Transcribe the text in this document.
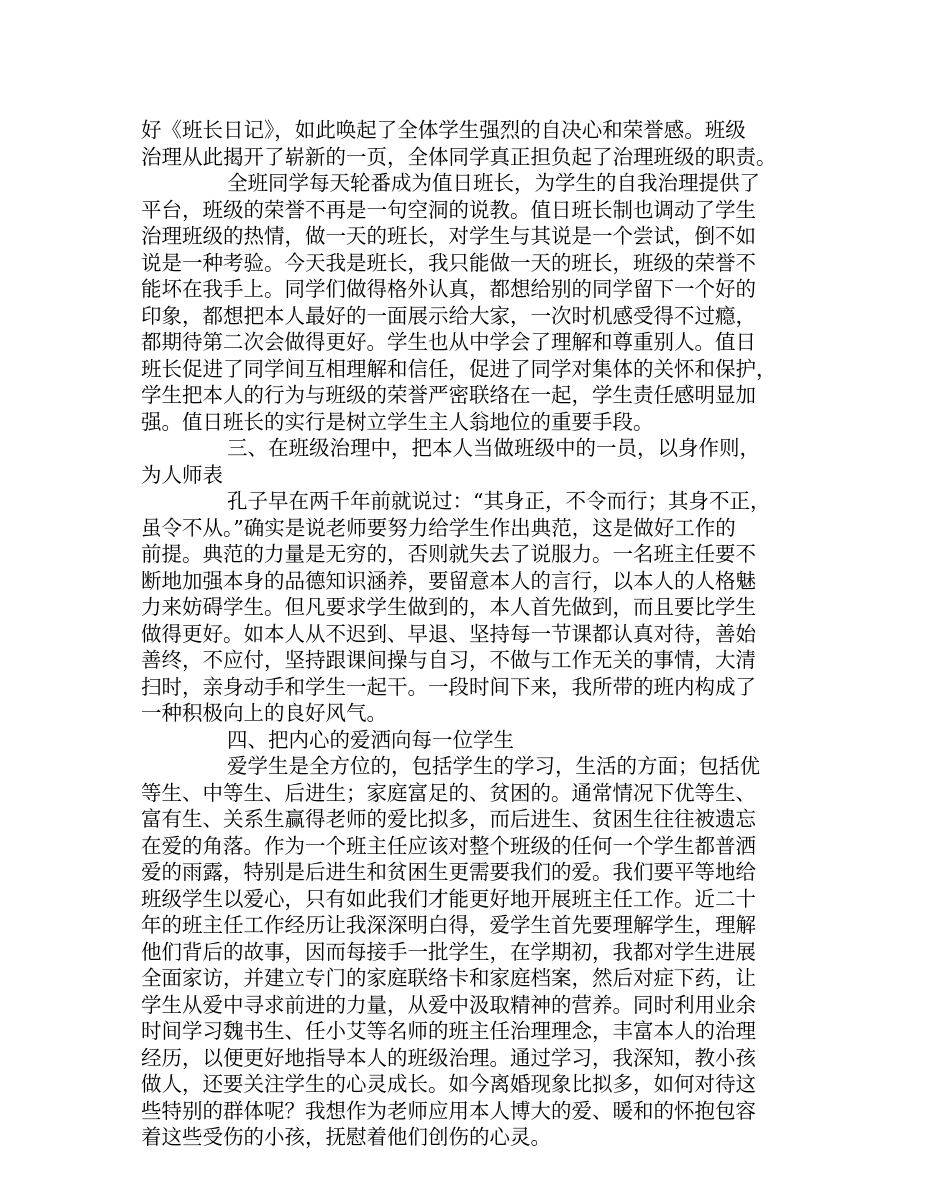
好《班长日记》，如此唤起了全体学生强烈的自决心和荣誉感。班级
治理从此揭开了崭新的一页，全体同学真正担负起了治理班级的职责。
全班同学每天轮番成为值日班长，为学生的自我治理提供了
平台，班级的荣誉不再是一句空洞的说教。值日班长制也调动了学生
治理班级的热情，做一天的班长，对学生与其说是一个尝试，倒不如
说是一种考验。今天我是班长，我只能做一天的班长，班级的荣誉不
能坏在我手上。同学们做得格外认真，都想给别的同学留下一个好的
印象，都想把本人最好的一面展示给大家，一次时机感受得不过瘾，
都期待第二次会做得更好。学生也从中学会了理解和尊重别人。值日
班长促进了同学间互相理解和信任，促进了同学对集体的关怀和保护，
学生把本人的行为与班级的荣誉严密联络在一起，学生责任感明显加
强。值日班长的实行是树立学生主人翁地位的重要手段。
三、在班级治理中，把本人当做班级中的一员，以身作则，
为人师表
孔子早在两千年前就说过：“其身正，不令而行；其身不正，
虽令不从。”确实是说老师要努力给学生作出典范，这是做好工作的
前提。典范的力量是无穷的，否则就失去了说服力。一名班主任要不
断地加强本身的品德知识涵养，要留意本人的言行，以本人的人格魅
力来妨碍学生。但凡要求学生做到的，本人首先做到，而且要比学生
做得更好。如本人从不迟到、早退、坚持每一节课都认真对待，善始
善终，不应付，坚持跟课间操与自习，不做与工作无关的事情，大清
扫时，亲身动手和学生一起干。一段时间下来，我所带的班内构成了
一种积极向上的良好风气。
四、把内心的爱洒向每一位学生
爱学生是全方位的，包括学生的学习，生活的方面；包括优
等生、中等生、后进生；家庭富足的、贫困的。通常情况下优等生、
富有生、关系生赢得老师的爱比拟多，而后进生、贫困生往往被遗忘
在爱的角落。作为一个班主任应该对整个班级的任何一个学生都普洒
爱的雨露，特别是后进生和贫困生更需要我们的爱。我们要平等地给
班级学生以爱心，只有如此我们才能更好地开展班主任工作。近二十
年的班主任工作经历让我深深明白得，爱学生首先要理解学生，理解
他们背后的故事，因而每接手一批学生，在学期初，我都对学生进展
全面家访，并建立专门的家庭联络卡和家庭档案，然后对症下药，让
学生从爱中寻求前进的力量，从爱中汲取精神的营养。同时利用业余
时间学习魏书生、任小艾等名师的班主任治理理念，丰富本人的治理
经历，以便更好地指导本人的班级治理。通过学习，我深知，教小孩
做人，还要关注学生的心灵成长。如今离婚现象比拟多，如何对待这
些特别的群体呢？我想作为老师应用本人博大的爱、暖和的怀抱包容
着这些受伤的小孩，抚慰着他们创伤的心灵。
